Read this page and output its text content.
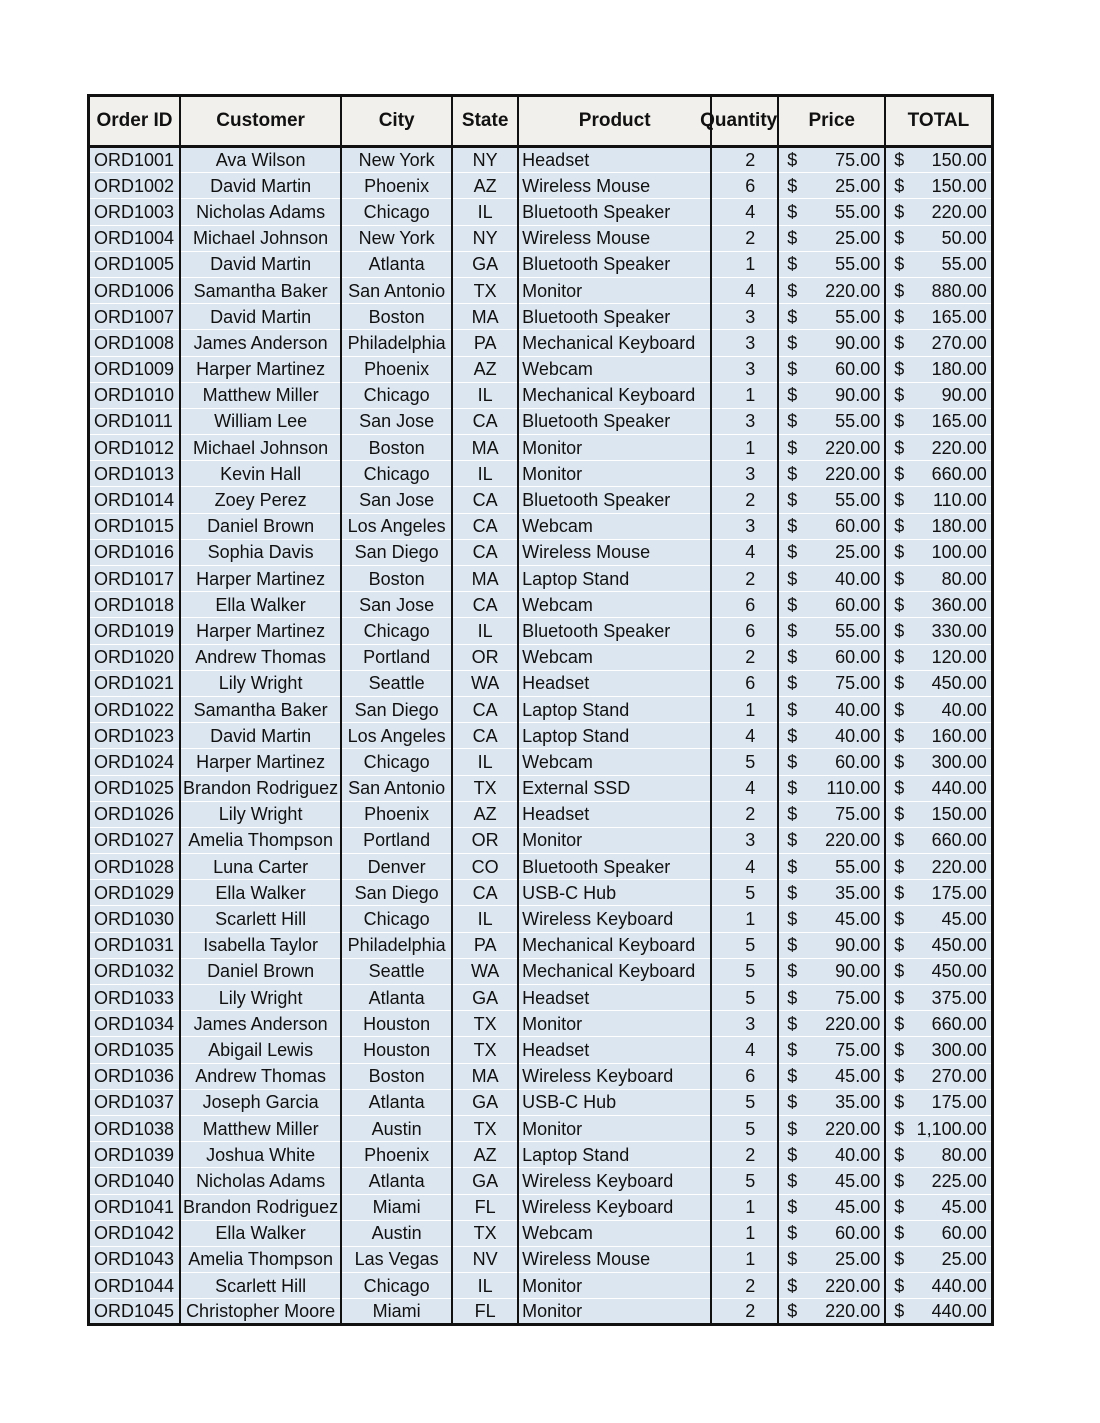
Order ID	Customer	City	State	Product	Quantity	Price	TOTAL
ORD1001	Ava Wilson	New York	NY	Headset	2	$ 75.00	$ 150.00

ORD1002	David Martin	Phoenix	AZ	Wireless Mouse	6	$ 25.00	$ 150.00

ORD1003	Nicholas Adams	Chicago	IL	Bluetooth Speaker	4	$ 55.00	$ 220.00

ORD1004	Michael Johnson	New York	NY	Wireless Mouse	2	$ 25.00	$ 50.00

ORD1005	David Martin	Atlanta	GA	Bluetooth Speaker	1	$ 55.00	$ 55.00

ORD1006	Samantha Baker	San Antonio	TX	Monitor	4	$ 220.00	$ 880.00

ORD1007	David Martin	Boston	MA	Bluetooth Speaker	3	$ 55.00	$ 165.00

ORD1008	James Anderson	Philadelphia	PA	Mechanical Keyboard	3	$ 90.00	$ 270.00

ORD1009	Harper Martinez	Phoenix	AZ	Webcam	3	$ 60.00	$ 180.00

ORD1010	Matthew Miller	Chicago	IL	Mechanical Keyboard	1	$ 90.00	$ 90.00

ORD1011	William Lee	San Jose	CA	Bluetooth Speaker	3	$ 55.00	$ 165.00

ORD1012	Michael Johnson	Boston	MA	Monitor	1	$ 220.00	$ 220.00

ORD1013	Kevin Hall	Chicago	IL	Monitor	3	$ 220.00	$ 660.00

ORD1014	Zoey Perez	San Jose	CA	Bluetooth Speaker	2	$ 55.00	$ 110.00

ORD1015	Daniel Brown	Los Angeles	CA	Webcam	3	$ 60.00	$ 180.00

ORD1016	Sophia Davis	San Diego	CA	Wireless Mouse	4	$ 25.00	$ 100.00

ORD1017	Harper Martinez	Boston	MA	Laptop Stand	2	$ 40.00	$ 80.00

ORD1018	Ella Walker	San Jose	CA	Webcam	6	$ 60.00	$ 360.00

ORD1019	Harper Martinez	Chicago	IL	Bluetooth Speaker	6	$ 55.00	$ 330.00

ORD1020	Andrew Thomas	Portland	OR	Webcam	2	$ 60.00	$ 120.00

ORD1021	Lily Wright	Seattle	WA	Headset	6	$ 75.00	$ 450.00

ORD1022	Samantha Baker	San Diego	CA	Laptop Stand	1	$ 40.00	$ 40.00

ORD1023	David Martin	Los Angeles	CA	Laptop Stand	4	$ 40.00	$ 160.00

ORD1024	Harper Martinez	Chicago	IL	Webcam	5	$ 60.00	$ 300.00

ORD1025	Brandon Rodriguez	San Antonio	TX	External SSD	4	$ 110.00	$ 440.00

ORD1026	Lily Wright	Phoenix	AZ	Headset	2	$ 75.00	$ 150.00

ORD1027	Amelia Thompson	Portland	OR	Monitor	3	$ 220.00	$ 660.00

ORD1028	Luna Carter	Denver	CO	Bluetooth Speaker	4	$ 55.00	$ 220.00

ORD1029	Ella Walker	San Diego	CA	USB-C Hub	5	$ 35.00	$ 175.00

ORD1030	Scarlett Hill	Chicago	IL	Wireless Keyboard	1	$ 45.00	$ 45.00

ORD1031	Isabella Taylor	Philadelphia	PA	Mechanical Keyboard	5	$ 90.00	$ 450.00

ORD1032	Daniel Brown	Seattle	WA	Mechanical Keyboard	5	$ 90.00	$ 450.00

ORD1033	Lily Wright	Atlanta	GA	Headset	5	$ 75.00	$ 375.00

ORD1034	James Anderson	Houston	TX	Monitor	3	$ 220.00	$ 660.00

ORD1035	Abigail Lewis	Houston	TX	Headset	4	$ 75.00	$ 300.00

ORD1036	Andrew Thomas	Boston	MA	Wireless Keyboard	6	$ 45.00	$ 270.00

ORD1037	Joseph Garcia	Atlanta	GA	USB-C Hub	5	$ 35.00	$ 175.00

ORD1038	Matthew Miller	Austin	TX	Monitor	5	$ 220.00	$ 1,100.00

ORD1039	Joshua White	Phoenix	AZ	Laptop Stand	2	$ 40.00	$ 80.00

ORD1040	Nicholas Adams	Atlanta	GA	Wireless Keyboard	5	$ 45.00	$ 225.00

ORD1041	Brandon Rodriguez	Miami	FL	Wireless Keyboard	1	$ 45.00	$ 45.00

ORD1042	Ella Walker	Austin	TX	Webcam	1	$ 60.00	$ 60.00

ORD1043	Amelia Thompson	Las Vegas	NV	Wireless Mouse	1	$ 25.00	$ 25.00

ORD1044	Scarlett Hill	Chicago	IL	Monitor	2	$ 220.00	$ 440.00

ORD1045	Christopher Moore	Miami	FL	Monitor	2	$ 220.00	$ 440.00
